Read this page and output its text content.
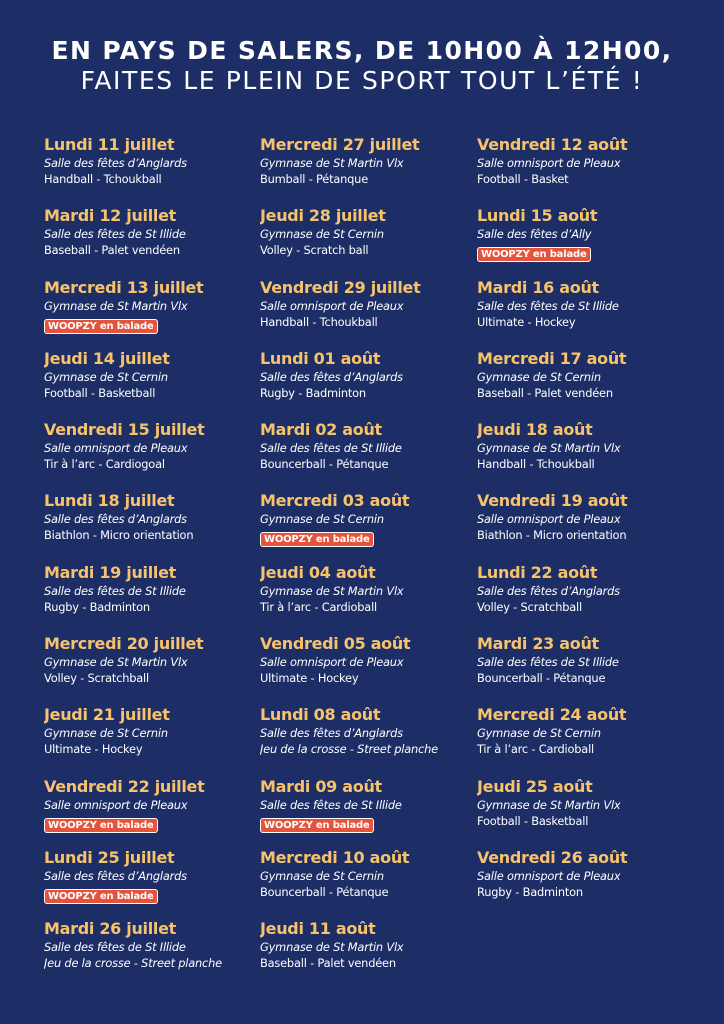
EN PAYS DE SALERS, DE 10H00 À 12H00,
FAITES LE PLEIN DE SPORT TOUT L’ÉTÉ !
Lundi 11 juillet
Salle des fêtes d’Anglards
Handball - Tchoukball
Mardi 12 juillet
Salle des fêtes de St Illide
Baseball - Palet vendéen
Mercredi 13 juillet
Gymnase de St Martin Vlx
WOOPZY en balade
Jeudi 14 juillet
Gymnase de St Cernin
Football - Basketball
Vendredi 15 juillet
Salle omnisport de Pleaux
Tir à l’arc - Cardiogoal
Lundi 18 juillet
Salle des fêtes d’Anglards
Biathlon - Micro orientation
Mardi 19 juillet
Salle des fêtes de St Illide
Rugby - Badminton
Mercredi 20 juillet
Gymnase de St Martin Vlx
Volley - Scratchball
Jeudi 21 juillet
Gymnase de St Cernin
Ultimate - Hockey
Vendredi 22 juillet
Salle omnisport de Pleaux
WOOPZY en balade
Lundi 25 juillet
Salle des fêtes d’Anglards
WOOPZY en balade
Mardi 26 juillet
Salle des fêtes de St Illide
Jeu de la crosse - Street planche
Mercredi 27 juillet
Gymnase de St Martin Vlx
Bumball - Pétanque
Jeudi 28 juillet
Gymnase de St Cernin
Volley - Scratch ball
Vendredi 29 juillet
Salle omnisport de Pleaux
Handball - Tchoukball
Lundi 01 août
Salle des fêtes d’Anglards
Rugby - Badminton
Mardi 02 août
Salle des fêtes de St Illide
Bouncerball - Pétanque
Mercredi 03 août
Gymnase de St Cernin
WOOPZY en balade
Jeudi 04 août
Gymnase de St Martin Vlx
Tir à l’arc - Cardioball
Vendredi 05 août
Salle omnisport de Pleaux
Ultimate - Hockey
Lundi 08 août
Salle des fêtes d’Anglards
Jeu de la crosse - Street planche
Mardi 09 août
Salle des fêtes de St Illide
WOOPZY en balade
Mercredi 10 août
Gymnase de St Cernin
Bouncerball - Pétanque
Jeudi 11 août
Gymnase de St Martin Vlx
Baseball - Palet vendéen
Vendredi 12 août
Salle omnisport de Pleaux
Football - Basket
Lundi 15 août
Salle des fêtes d’Ally
WOOPZY en balade
Mardi 16 août
Salle des fêtes de St Illide
Ultimate - Hockey
Mercredi 17 août
Gymnase de St Cernin
Baseball - Palet vendéen
Jeudi 18 août
Gymnase de St Martin Vlx
Handball - Tchoukball
Vendredi 19 août
Salle omnisport de Pleaux
Biathlon - Micro orientation
Lundi 22 août
Salle des fêtes d’Anglards
Volley - Scratchball
Mardi 23 août
Salle des fêtes de St Illide
Bouncerball - Pétanque
Mercredi 24 août
Gymnase de St Cernin
Tir à l’arc - Cardioball
Jeudi 25 août
Gymnase de St Martin Vlx
Football - Basketball
Vendredi 26 août
Salle omnisport de Pleaux
Rugby - Badminton
